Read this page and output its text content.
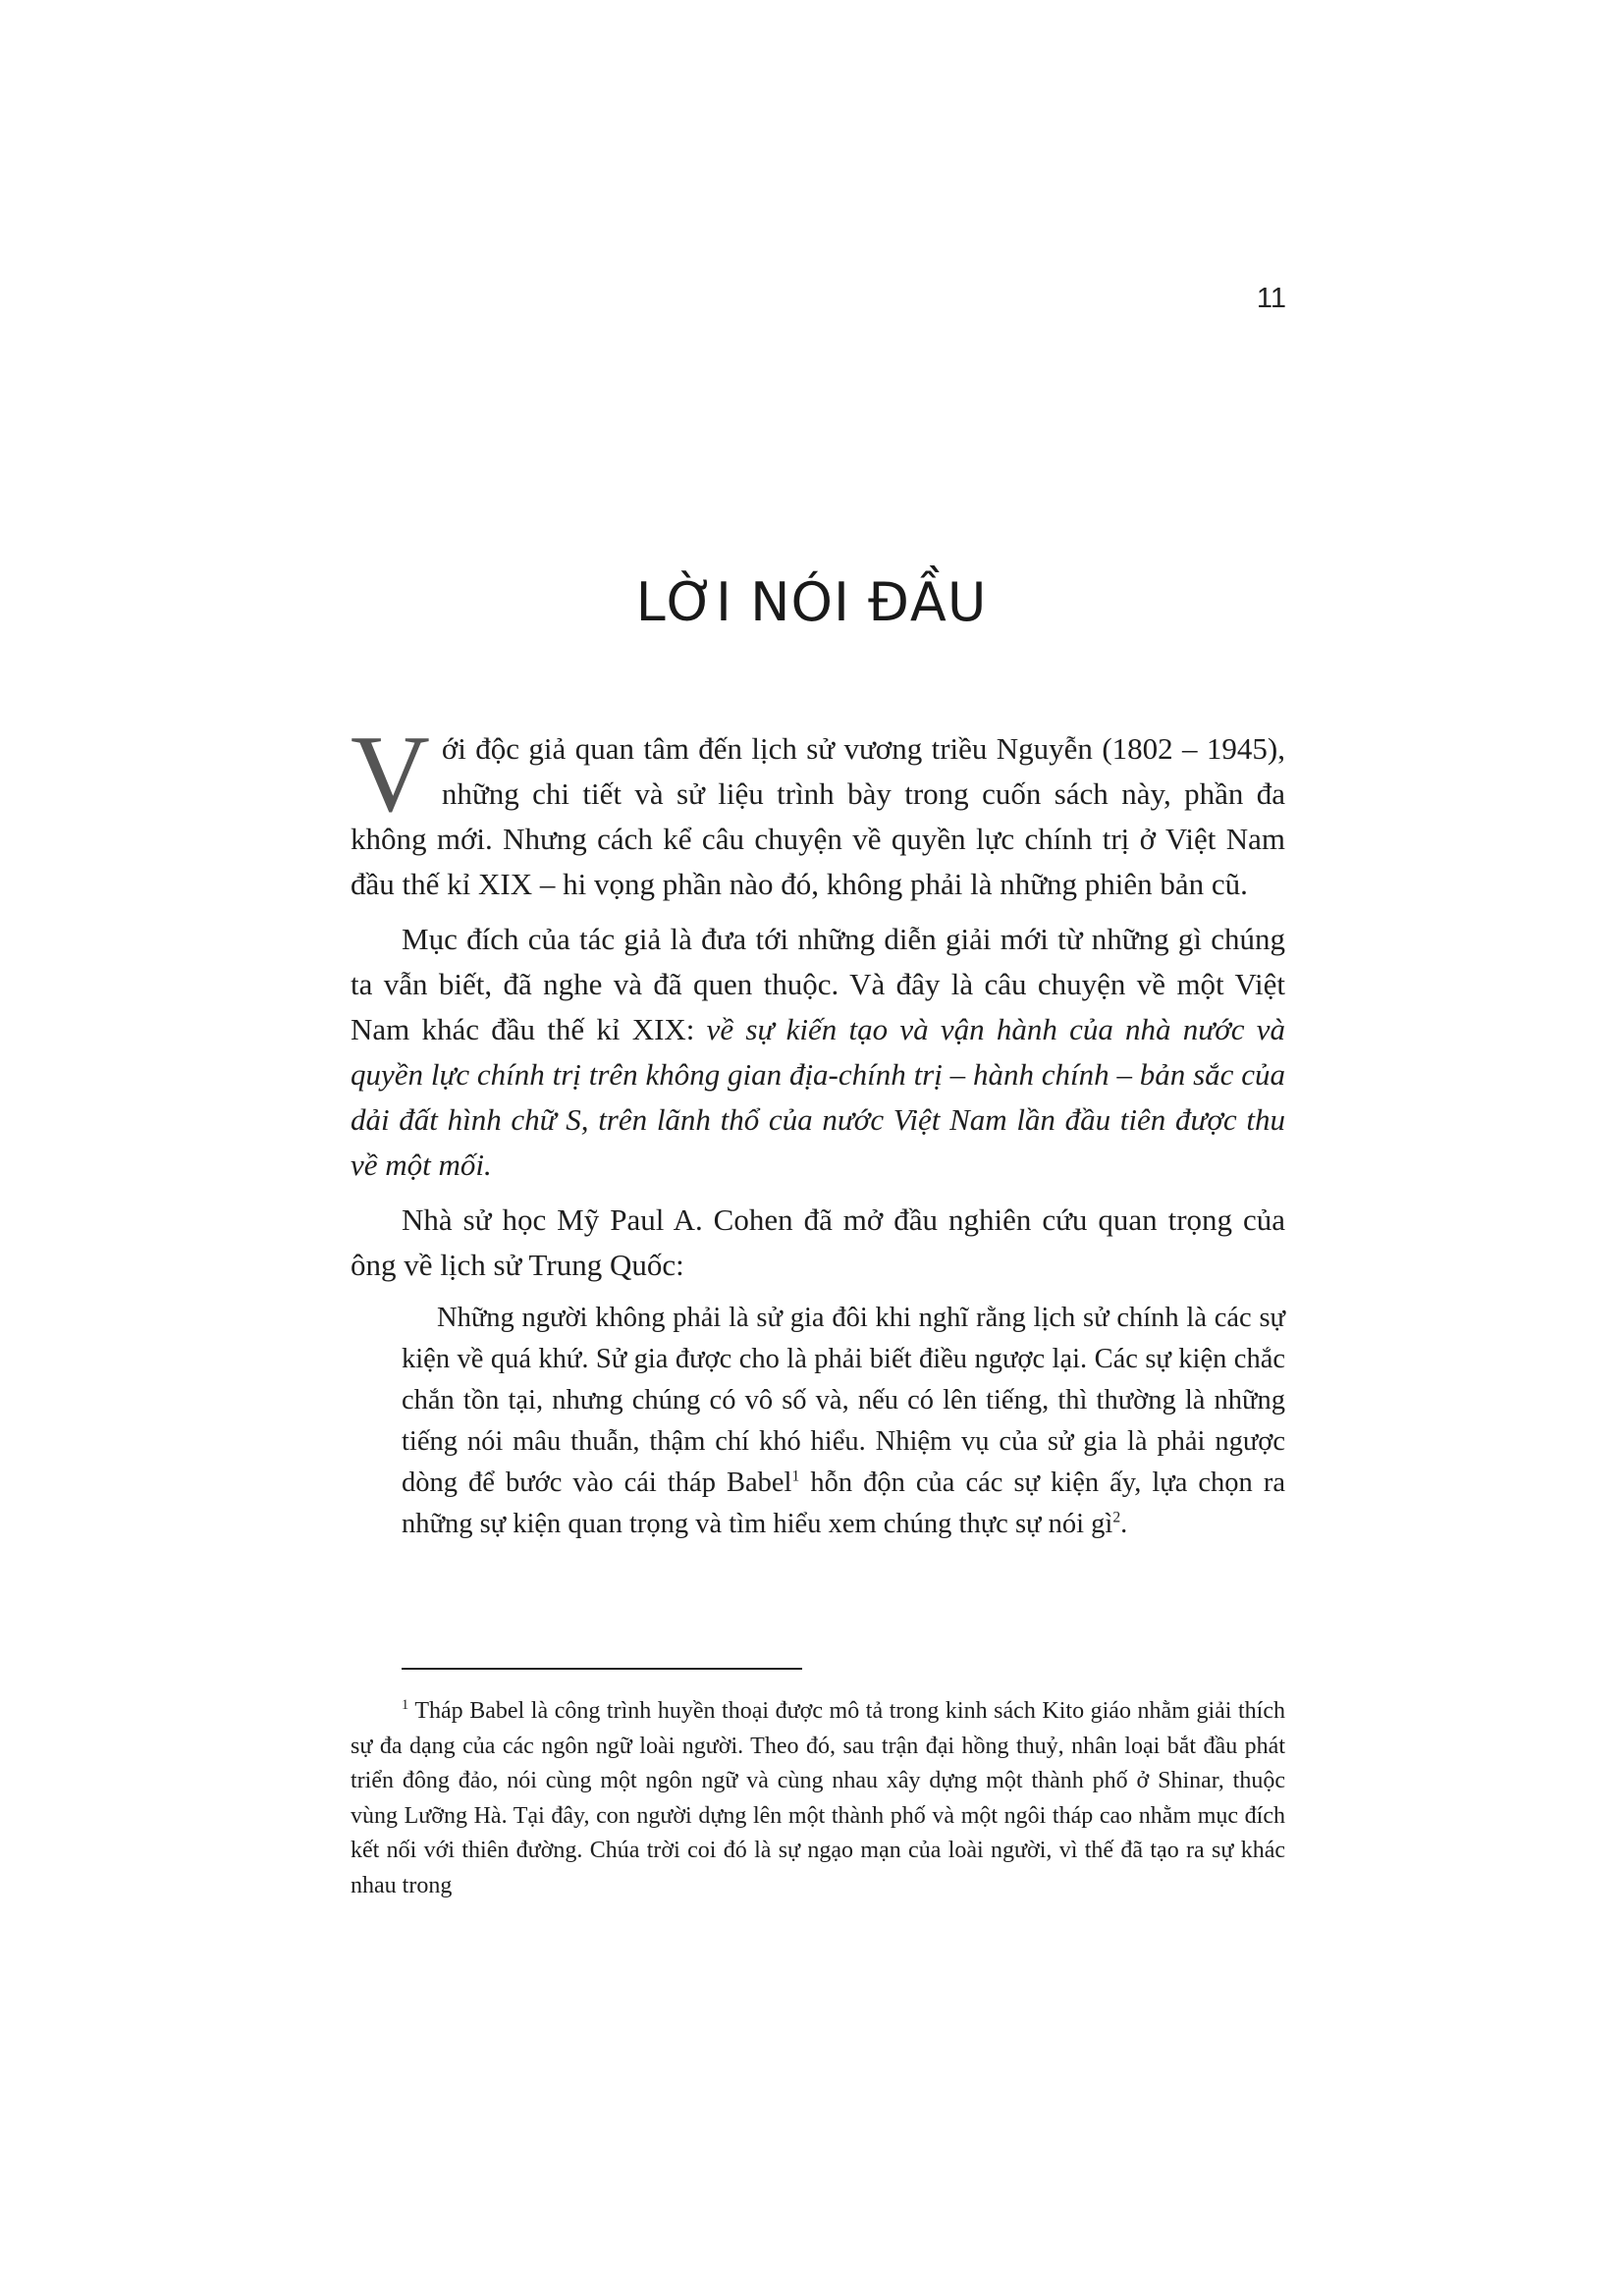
11
LỜI NÓI ĐẦU

Với độc giả quan tâm đến lịch sử vương triều Nguyễn (1802 – 1945), những chi tiết và sử liệu trình bày trong cuốn sách này, phần đa không mới. Nhưng cách kể câu chuyện về quyền lực chính trị ở Việt Nam đầu thế kỉ XIX – hi vọng phần nào đó, không phải là những phiên bản cũ.

Mục đích của tác giả là đưa tới những diễn giải mới từ những gì chúng ta vẫn biết, đã nghe và đã quen thuộc. Và đây là câu chuyện về một Việt Nam khác đầu thế kỉ XIX: về sự kiến tạo và vận hành của nhà nước và quyền lực chính trị trên không gian địa-chính trị – hành chính – bản sắc của dải đất hình chữ S, trên lãnh thổ của nước Việt Nam lần đầu tiên được thu về một mối.

Nhà sử học Mỹ Paul A. Cohen đã mở đầu nghiên cứu quan trọng của ông về lịch sử Trung Quốc:

Những người không phải là sử gia đôi khi nghĩ rằng lịch sử chính là các sự kiện về quá khứ. Sử gia được cho là phải biết điều ngược lại. Các sự kiện chắc chắn tồn tại, nhưng chúng có vô số và, nếu có lên tiếng, thì thường là những tiếng nói mâu thuẫn, thậm chí khó hiểu. Nhiệm vụ của sử gia là phải ngược dòng để bước vào cái tháp Babel$^1$ hỗn độn của các sự kiện ấy, lựa chọn ra những sự kiện quan trọng và tìm hiểu xem chúng thực sự nói $gì^2$.

$^1$ Tháp Babel là công trình huyền thoại được mô tả trong kinh sách Kito giáo nhằm giải thích sự đa dạng của các ngôn ngữ loài người. Theo đó, sau trận đại hồng thuỷ, nhân loại bắt đầu phát triển đông đảo, nói cùng một ngôn ngữ và cùng nhau xây dựng một thành phố ở Shinar, thuộc vùng Lưỡng Hà. Tại đây, con người dựng lên một thành phố và một ngôi tháp cao nhằm mục đích kết nối với thiên đường. Chúa trời coi đó là sự ngạo mạn của loài người, vì thế đã tạo ra sự khác nhau trong
